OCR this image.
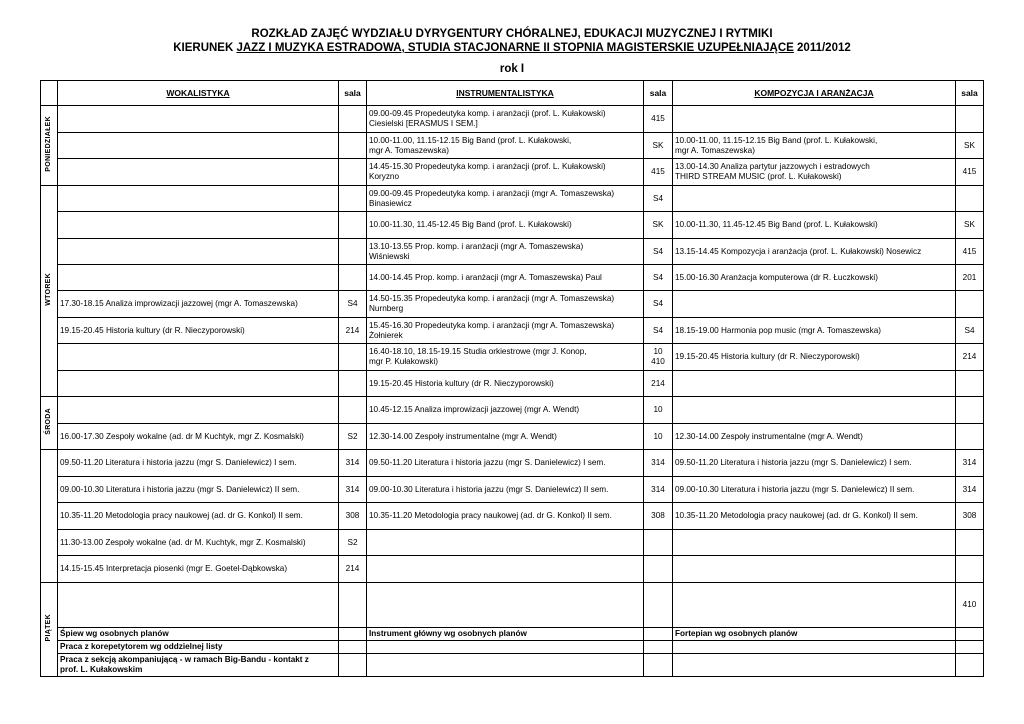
ROZKŁAD ZAJĘĆ WYDZIAŁU DYRYGENTURY CHÓRALNEJ, EDUKACJI MUZYCZNEJ I RYTMIKI
KIERUNEK JAZZ I MUZYKA ESTRADOWA, STUDIA STACJONARNE II STOPNIA MAGISTERSKIE UZUPEŁNIAJĄCE 2011/2012
rok I
	WOKALISTYKA	sala	INSTRUMENTALISTYKA	sala	KOMPOZYCJA I ARANŻACJA	sala
PONIEDZIAŁEK			09.00-09.45 Propedeutyka komp. i aranżacji (prof. L. Kułakowski)
Ciesielski [ERASMUS I SEM.]	415		
			10.00-11.00, 11.15-12.15 Big Band (prof. L. Kułakowski,
mgr A. Tomaszewska)	SK	10.00-11.00, 11.15-12.15 Big Band (prof. L. Kułakowski,
mgr A. Tomaszewska)	SK
			14.45-15.30 Propedeutyka komp. i aranżacji (prof. L. Kułakowski)
Koryzno	415	13.00-14.30 Analiza partytur jazzowych i estradowych
THIRD STREAM MUSIC (prof. L. Kułakowski)	415
WTOREK			09.00-09.45 Propedeutyka komp. i aranżacji (mgr A. Tomaszewska)
Binasiewicz	S4		
			10.00-11.30, 11.45-12.45 Big Band (prof. L. Kułakowski)	SK	10.00-11.30, 11.45-12.45 Big Band (prof. L. Kułakowski)	SK
			13.10-13.55 Prop. komp. i aranżacji (mgr A. Tomaszewska)
Wiśniewski	S4	13.15-14.45 Kompozycja i aranżacja (prof. L. Kułakowski) Nosewicz	415
			14.00-14.45 Prop. komp. i aranżacji (mgr A. Tomaszewska) Paul	S4	15.00-16.30 Aranżacja komputerowa (dr R. Łuczkowski)	201
	17.30-18.15 Analiza improwizacji jazzowej (mgr A. Tomaszewska)	S4	14.50-15.35 Propedeutyka komp. i aranżacji (mgr A. Tomaszewska)
Nurnberg	S4		
	19.15-20.45 Historia kultury (dr R. Nieczyporowski)	214	15.45-16.30 Propedeutyka komp. i aranżacji (mgr A. Tomaszewska)
Żołnierek	S4	18.15-19.00 Harmonia pop music (mgr A. Tomaszewska)	S4
			16.40-18.10, 18.15-19.15 Studia orkiestrowe (mgr J. Konop,
mgr P. Kułakowski)	10
410	19.15-20.45 Historia kultury (dr R. Nieczyporowski)	214
			19.15-20.45 Historia kultury (dr R. Nieczyporowski)	214		
ŚRODA			10.45-12.15 Analiza improwizacji jazzowej (mgr A. Wendt)	10		
	16.00-17.30 Zespoły wokalne (ad. dr M Kuchtyk, mgr Z. Kosmalski)	S2	12.30-14.00 Zespoły instrumentalne (mgr A. Wendt)	10	12.30-14.00 Zespoły instrumentalne (mgr A. Wendt)	
	09.50-11.20 Literatura i historia jazzu (mgr S. Danielewicz) I sem.	314	09.50-11.20 Literatura i historia jazzu (mgr S. Danielewicz) I sem.	314	09.50-11.20 Literatura i historia jazzu (mgr S. Danielewicz) I sem.	314
	09.00-10.30 Literatura i historia jazzu (mgr S. Danielewicz) II sem.	314	09.00-10.30 Literatura i historia jazzu (mgr S. Danielewicz) II sem.	314	09.00-10.30 Literatura i historia jazzu (mgr S. Danielewicz) II sem.	314
	10.35-11.20 Metodologia pracy naukowej (ad. dr G. Konkol) II sem.	308	10.35-11.20 Metodologia pracy naukowej (ad. dr G. Konkol) II sem.	308	10.35-11.20 Metodologia pracy naukowej (ad. dr G. Konkol) II sem.	308
	11.30-13.00 Zespoły wokalne (ad. dr M. Kuchtyk, mgr Z. Kosmalski)	S2				
	14.15-15.45 Interpretacja piosenki (mgr E. Goetel-Dąbkowska)	214				
PIĄTEK						410
	Śpiew wg osobnych planów		Instrument główny wg osobnych planów		Fortepian wg osobnych planów	
	Praca z korepetytorem wg oddzielnej listy					
	Praca z sekcją akompaniującą - w ramach Big-Bandu - kontakt z
prof. L. Kułakowskim					
